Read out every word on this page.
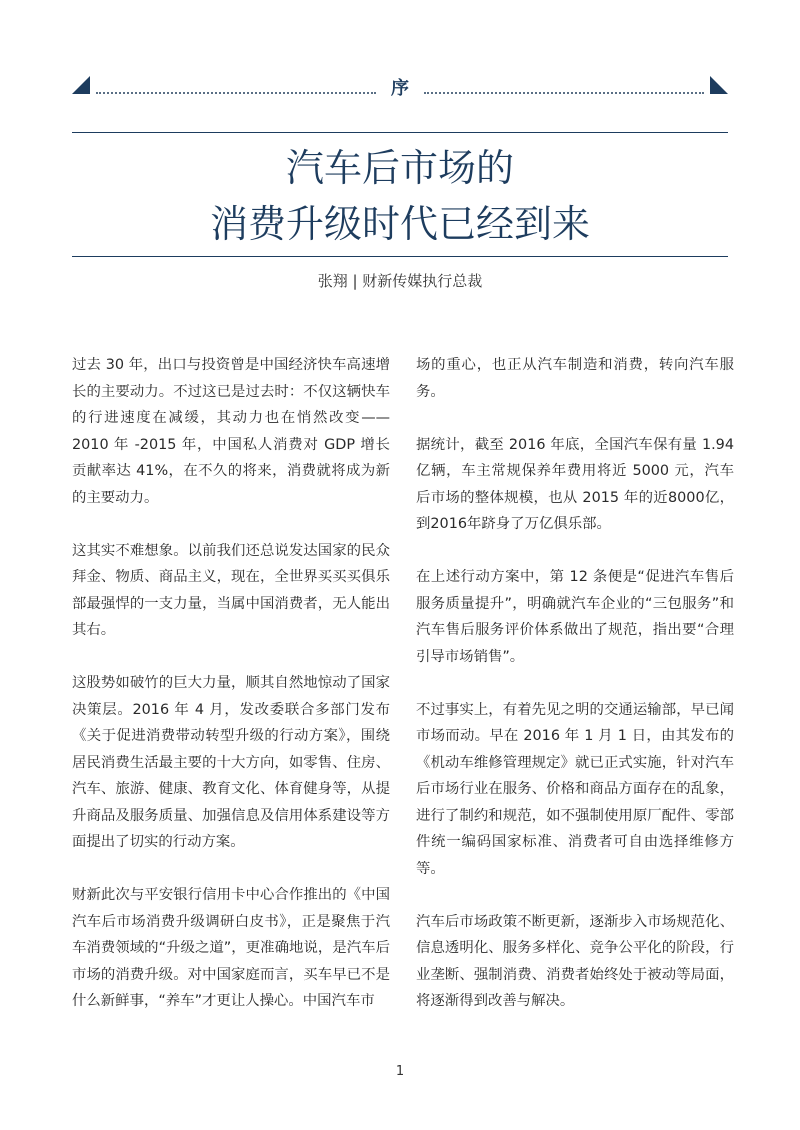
序
汽车后市场的
消费升级时代已经到来
张翔 | 财新传媒执行总裁

过去 30 年，出口与投资曾是中国经济快车高速增长的主要动力。不过这已是过去时：不仅这辆快车的行进速度在减缓，其动力也在悄然改变——2010 年 -2015 年，中国私人消费对 GDP 增长贡献率达 41%，在不久的将来，消费就将成为新的主要动力。

这其实不难想象。以前我们还总说发达国家的民众拜金、物质、商品主义，现在，全世界买买买俱乐部最强悍的一支力量，当属中国消费者，无人能出其右。

这股势如破竹的巨大力量，顺其自然地惊动了国家决策层。2016 年 4 月，发改委联合多部门发布《关于促进消费带动转型升级的行动方案》，围绕居民消费生活最主要的十大方向，如零售、住房、汽车、旅游、健康、教育文化、体育健身等，从提升商品及服务质量、加强信息及信用体系建设等方面提出了切实的行动方案。

财新此次与平安银行信用卡中心合作推出的《中国汽车后市场消费升级调研白皮书》，正是聚焦于汽车消费领域的“升级之道”，更准确地说，是汽车后市场的消费升级。对中国家庭而言，买车早已不是什么新鲜事，“养车”才更让人操心。中国汽车市

场的重心，也正从汽车制造和消费，转向汽车服务。

据统计，截至 2016 年底，全国汽车保有量 1.94 亿辆，车主常规保养年费用将近 5000 元，汽车后市场的整体规模，也从 2015 年的近8000亿，到2016年跻身了万亿俱乐部。

在上述行动方案中，第 12 条便是“促进汽车售后服务质量提升”，明确就汽车企业的“三包服务”和汽车售后服务评价体系做出了规范，指出要“合理引导市场销售”。

不过事实上，有着先见之明的交通运输部，早已闻市场而动。早在 2016 年 1 月 1 日，由其发布的《机动车维修管理规定》就已正式实施，针对汽车后市场行业在服务、价格和商品方面存在的乱象，进行了制约和规范，如不强制使用原厂配件、零部件统一编码国家标准、消费者可自由选择维修方等。

汽车后市场政策不断更新，逐渐步入市场规范化、信息透明化、服务多样化、竞争公平化的阶段，行业垄断、强制消费、消费者始终处于被动等局面，将逐渐得到改善与解决。

1
